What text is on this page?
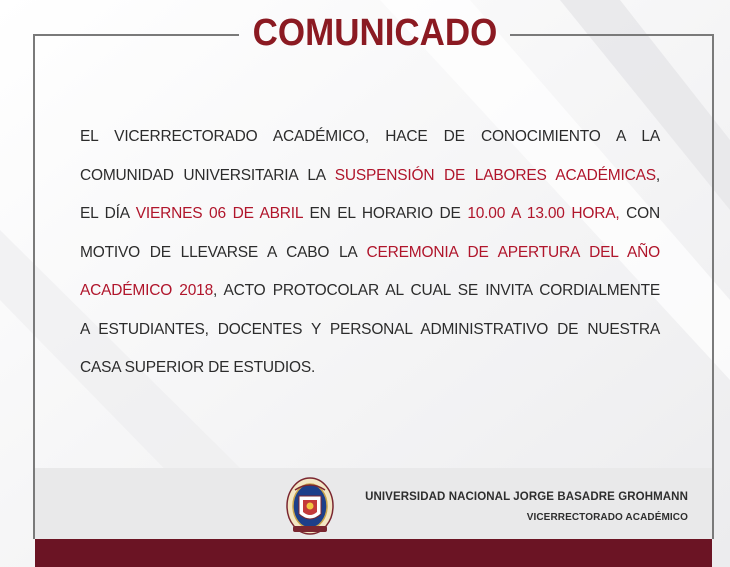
COMUNICADO
EL VICERRECTORADO ACADÉMICO, HACE DE CONOCIMIENTO A LA
COMUNIDAD UNIVERSITARIA LA SUSPENSIÓN DE LABORES ACADÉMICAS,
EL DÍA VIERNES 06 DE ABRIL EN EL HORARIO DE 10.00 A 13.00 HORA, CON
MOTIVO DE LLEVARSE A CABO LA CEREMONIA DE APERTURA DEL AÑO
ACADÉMICO 2018, ACTO PROTOCOLAR AL CUAL SE INVITA CORDIALMENTE
A ESTUDIANTES, DOCENTES Y PERSONAL ADMINISTRATIVO DE NUESTRA
CASA SUPERIOR DE ESTUDIOS.
UNIVERSIDAD NACIONAL JORGE BASADRE GROHMANN
VICERRECTORADO ACADÉMICO
